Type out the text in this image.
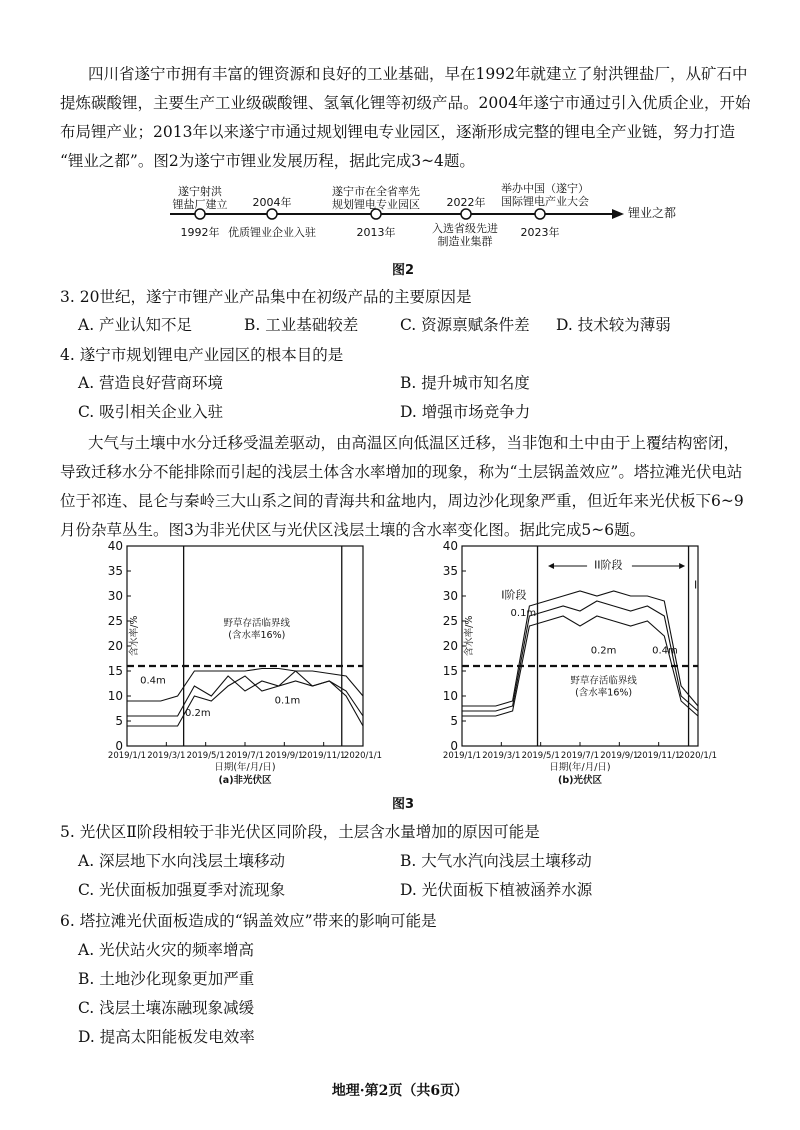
四川省遂宁市拥有丰富的锂资源和良好的工业基础，早在1992年就建立了射洪锂盐厂，从矿石中
提炼碳酸锂，主要生产工业级碳酸锂、氢氧化锂等初级产品。2004年遂宁市通过引入优质企业，开始
布局锂产业；2013年以来遂宁市通过规划锂电专业园区，逐渐形成完整的锂电全产业链，努力打造
“锂业之都”。图2为遂宁市锂业发展历程，据此完成3~4题。
遂宁射洪
锂盐厂建立	2004年
遂宁市在全省率先
规划锂电专业园区	2022年
举办中国（遂宁）
国际锂电产业大会
1992年 优质锂业企业入驻	2013年	入选省级先进
制造业集群
2023年
锂业之都
图2
3. 20世纪，遂宁市锂产业产品集中在初级产品的主要原因是
A. 产业认知不足	B. 工业基础较差	C. 资源禀赋条件差 D. 技术较为薄弱
4. 遂宁市规划锂电产业园区的根本目的是
A. 营造良好营商环境	B. 提升城市知名度
C. 吸引相关企业入驻	D. 增强市场竞争力
大气与土壤中水分迁移受温差驱动，由高温区向低温区迁移，当非饱和土中由于上覆结构密闭，
导致迁移水分不能排除而引起的浅层土体含水率增加的现象，称为“土层锅盖效应”。塔拉滩光伏电站
位于祁连、昆仑与秦岭三大山系之间的青海共和盆地内，周边沙化现象严重，但近年来光伏板下6~9
月份杂草丛生。图3为非光伏区与光伏区浅层土壤的含水率变化图。据此完成5~6题。
0
5
10
15
20
25
30
35
40
2019/1/1 2019/3/1 2019/5/1 2019/7/1 2019/9/1
2019/11/1
2020/1/1
日期(年/月/日)
(a)非光伏区
含水率/%	野草存活临界线
(含水率16%)
0.4m
0.2m
0.1m
0
5
10
15
20
25
30
35
40
2019/1/1 2019/3/1 2019/5/1 2019/7/1 2019/9/1
2019/11/1
2020/1/1
日期(年/月/日)
(b)光伏区
含水率/%
野草存活临界线
(含水率16%)
0.1m
0.2m	0.4m
I阶段
II阶段
I
图3
5. 光伏区Ⅱ阶段相较于非光伏区同阶段，土层含水量增加的原因可能是
A. 深层地下水向浅层土壤移动	B. 大气水汽向浅层土壤移动
C. 光伏面板加强夏季对流现象	D. 光伏面板下植被涵养水源
6. 塔拉滩光伏面板造成的“锅盖效应”带来的影响可能是
A. 光伏站火灾的频率增高
B. 土地沙化现象更加严重
C. 浅层土壤冻融现象减缓
D. 提高太阳能板发电效率
地理·第2页（共6页）
